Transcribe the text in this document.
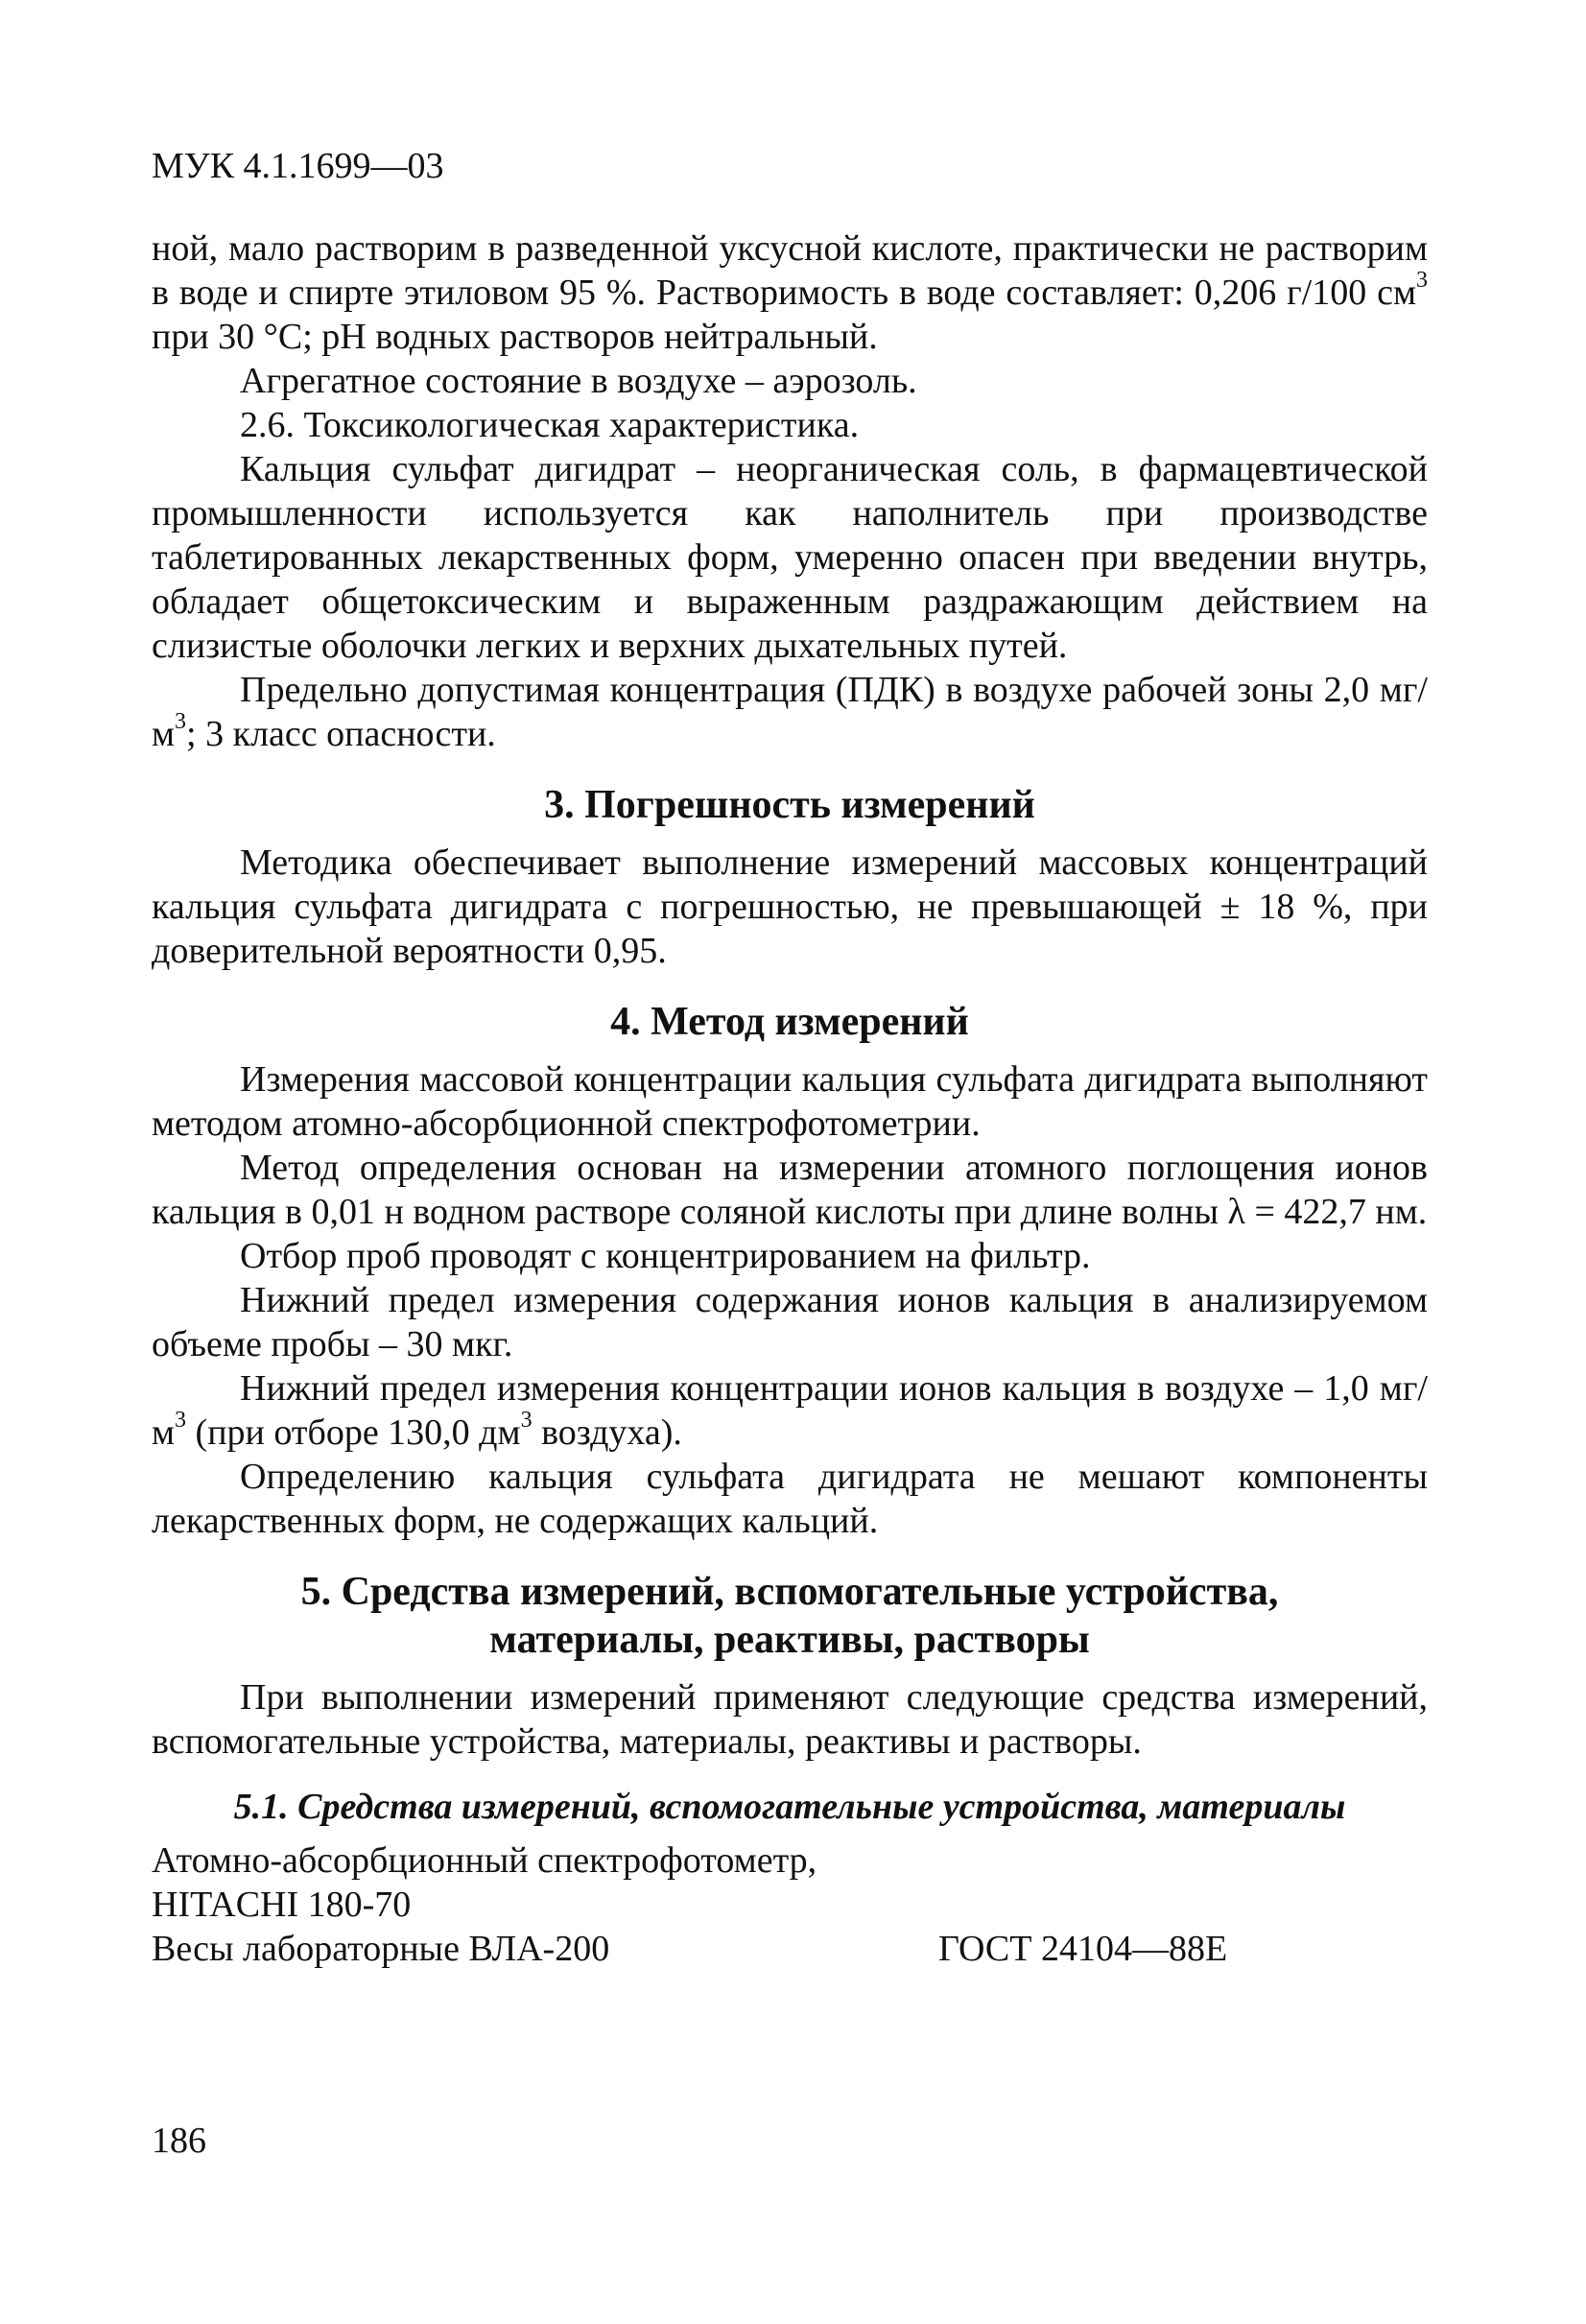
МУК 4.1.1699—03

ной, мало растворим в разведенной уксусной кислоте, практически не растворим в воде и спирте этиловом 95 %. Растворимость в воде составляет: 0,206 г/100 $см^3$ при 30 °С; рН водных растворов нейтральный.

Агрегатное состояние в воздухе – аэрозоль.

2.6. Токсикологическая характеристика.

Кальция сульфат дигидрат – неорганическая соль, в фармацевтической промышленности используется как наполнитель при производстве таблетированных лекарственных форм, умеренно опасен при введении внутрь, обладает общетоксическим и выраженным раздражающим действием на слизистые оболочки легких и верхних дыхательных путей.

Предельно допустимая концентрация (ПДК) в воздухе рабочей зоны 2,0 $мг/м^3$; 3 класс опасности.

3. Погрешность измерений

Методика обеспечивает выполнение измерений массовых концентраций кальция сульфата дигидрата с погрешностью, не превышающей ± 18 %, при доверительной вероятности 0,95.

4. Метод измерений

Измерения массовой концентрации кальция сульфата дигидрата выполняют методом атомно-абсорбционной спектрофотометрии.

Метод определения основан на измерении атомного поглощения ионов кальция в 0,01 н водном растворе соляной кислоты при длине волны λ = 422,7 нм.

Отбор проб проводят с концентрированием на фильтр.

Нижний предел измерения содержания ионов кальция в анализируемом объеме пробы – 30 мкг.

Нижний предел измерения концентрации ионов кальция в воздухе – 1,0 $мг/м^3$ (при отборе 130,0 $дм^3$ воздуха).

Определению кальция сульфата дигидрата не мешают компоненты лекарственных форм, не содержащих кальций.

5. Средства измерений, вспомогательные устройства,
материалы, реактивы, растворы

При выполнении измерений применяют следующие средства измерений, вспомогательные устройства, материалы, реактивы и растворы.

5.1. Средства измерений, вспомогательные устройства, материалы
Атомно-абсорбционный спектрофотометр,
HITACHI 180-70
Весы лабораторные ВЛА-200	ГОСТ 24104—88Е
186
